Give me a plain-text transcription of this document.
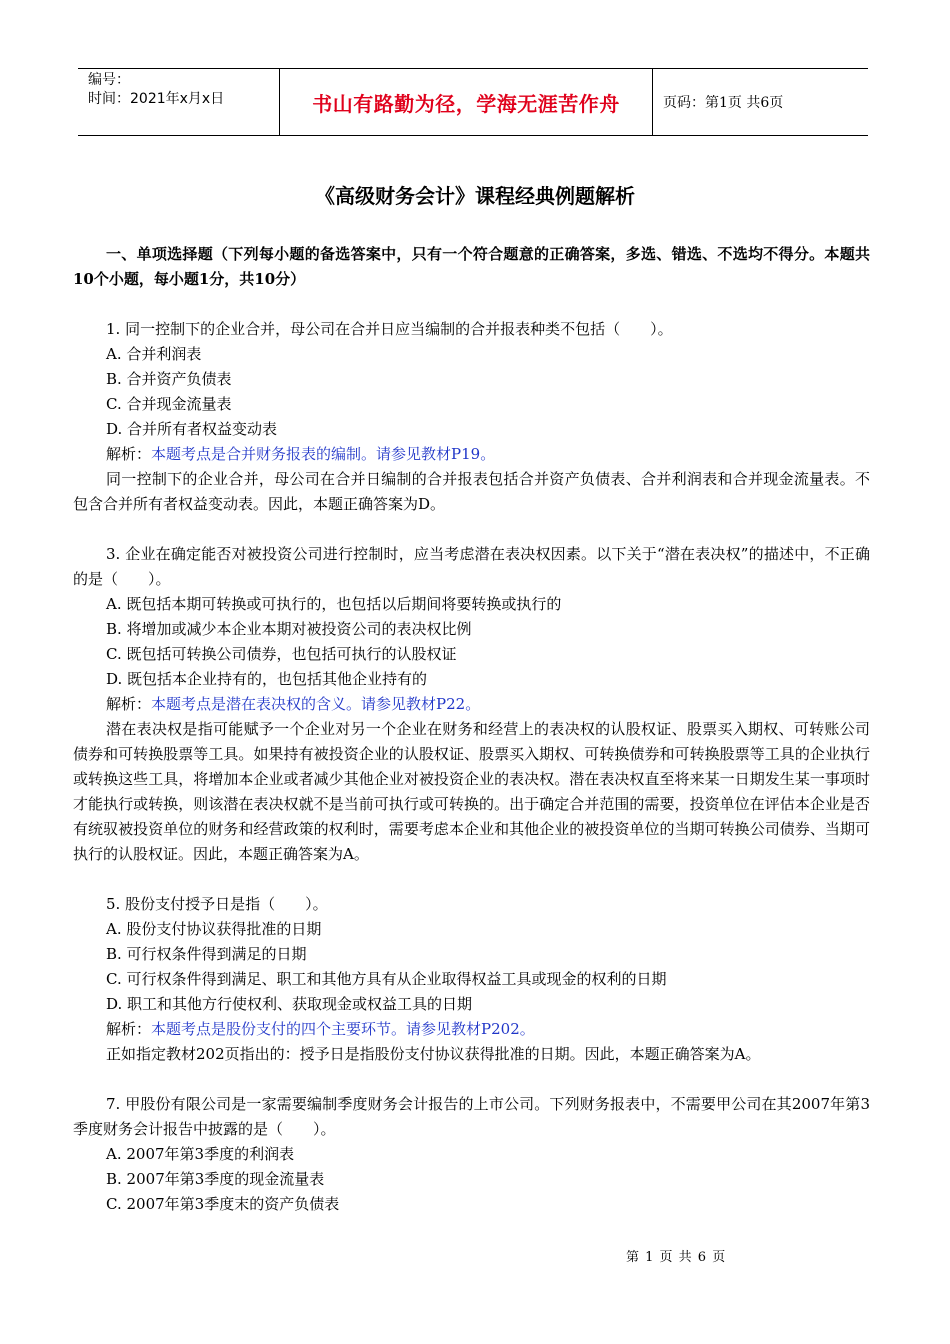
编号：
时间：2021年x月x日	书山有路勤为径，学海无涯苦作舟	页码：第1页 共6页
《高级财务会计》课程经典例题解析

一、单项选择题（下列每小题的备选答案中，只有一个符合题意的正确答案，多选、错选、不选均不得分。本题共10个小题，每小题1分，共10分）

1. 同一控制下的企业合并，母公司在合并日应当编制的合并报表种类不包括（　　）。

A. 合并利润表

B. 合并资产负债表

C. 合并现金流量表

D. 合并所有者权益变动表

解析：本题考点是合并财务报表的编制。请参见教材P19。

同一控制下的企业合并，母公司在合并日编制的合并报表包括合并资产负债表、合并利润表和合并现金流量表。不包含合并所有者权益变动表。因此，本题正确答案为D。

3. 企业在确定能否对被投资公司进行控制时，应当考虑潜在表决权因素。以下关于“潜在表决权”的描述中，不正确的是（　　）。

A. 既包括本期可转换或可执行的，也包括以后期间将要转换或执行的

B. 将增加或减少本企业本期对被投资公司的表决权比例

C. 既包括可转换公司债券，也包括可执行的认股权证

D. 既包括本企业持有的，也包括其他企业持有的

解析：本题考点是潜在表决权的含义。请参见教材P22。

潜在表决权是指可能赋予一个企业对另一个企业在财务和经营上的表决权的认股权证、股票买入期权、可转账公司债券和可转换股票等工具。如果持有被投资企业的认股权证、股票买入期权、可转换债券和可转换股票等工具的企业执行或转换这些工具，将增加本企业或者减少其他企业对被投资企业的表决权。潜在表决权直至将来某一日期发生某一事项时才能执行或转换，则该潜在表决权就不是当前可执行或可转换的。出于确定合并范围的需要，投资单位在评估本企业是否有统驭被投资单位的财务和经营政策的权利时，需要考虑本企业和其他企业的被投资单位的当期可转换公司债券、当期可执行的认股权证。因此，本题正确答案为A。

5. 股份支付授予日是指（　　）。

A. 股份支付协议获得批准的日期

B. 可行权条件得到满足的日期

C. 可行权条件得到满足、职工和其他方具有从企业取得权益工具或现金的权利的日期

D. 职工和其他方行使权利、获取现金或权益工具的日期

解析：本题考点是股份支付的四个主要环节。请参见教材P202。

正如指定教材202页指出的：授予日是指股份支付协议获得批准的日期。因此，本题正确答案为A。

7. 甲股份有限公司是一家需要编制季度财务会计报告的上市公司。下列财务报表中，不需要甲公司在其2007年第3季度财务会计报告中披露的是（　　）。

A. 2007年第3季度的利润表

B. 2007年第3季度的现金流量表

C. 2007年第3季度末的资产负债表

第 1 页 共 6 页
